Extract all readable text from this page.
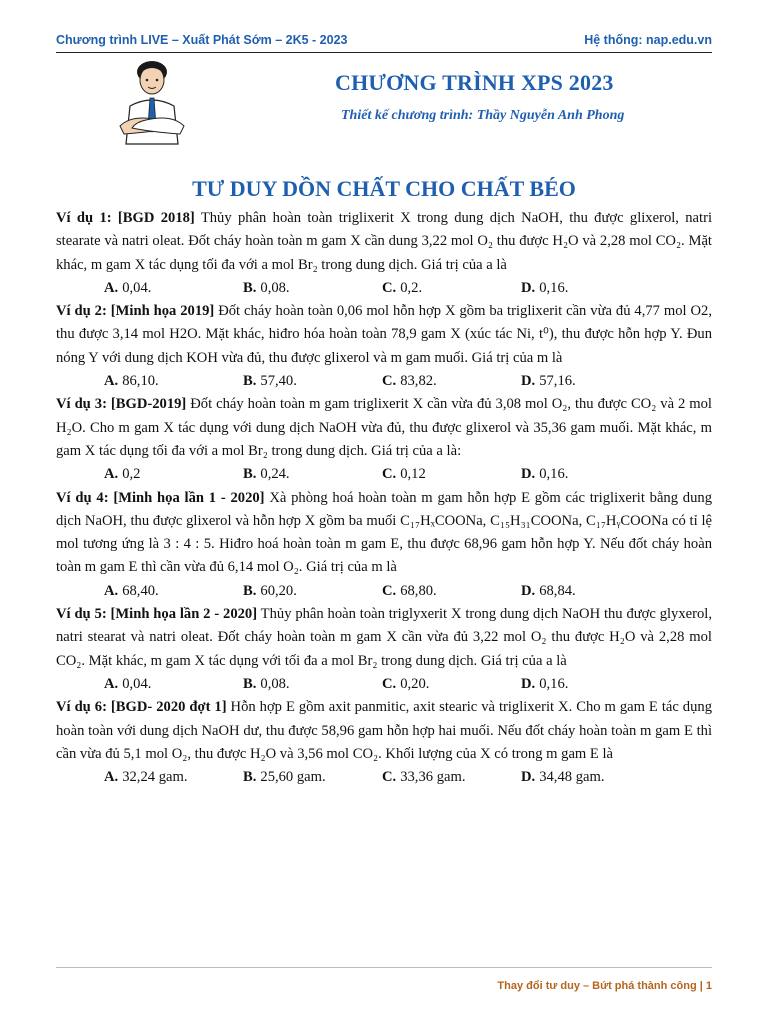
Chương trình LIVE – Xuất Phát Sớm – 2K5 - 2023	Hệ thống: nap.edu.vn
CHƯƠNG TRÌNH XPS 2023
Thiết kế chương trình: Thầy Nguyễn Anh Phong
TƯ DUY DỒN CHẤT CHO CHẤT BÉO

Ví dụ 1: [BGD 2018] Thủy phân hoàn toàn triglixerit X trong dung dịch NaOH, thu được glixerol, natri stearate và natri oleat. Đốt cháy hoàn toàn m gam X cần dung 3,22 mol O₂ thu được H₂O và 2,28 mol CO₂. Mặt khác, m gam X tác dụng tối đa với a mol Br₂ trong dung dịch. Giá trị của a là

A. 0,04.	B. 0,08.	C. 0,2.	D. 0,16.

Ví dụ 2: [Minh họa 2019] Đốt cháy hoàn toàn 0,06 mol hỗn hợp X gồm ba triglixerit cần vừa đủ 4,77 mol O2, thu được 3,14 mol H2O. Mặt khác, hiđro hóa hoàn toàn 78,9 gam X (xúc tác Ni, t⁰), thu được hỗn hợp Y. Đun nóng Y với dung dịch KOH vừa đủ, thu được glixerol và m gam muối. Giá trị của m là

A. 86,10.	B. 57,40.	C. 83,82.	D. 57,16.

Ví dụ 3: [BGD-2019] Đốt cháy hoàn toàn m gam triglixerit X cần vừa đủ 3,08 mol O₂, thu được CO₂ và 2 mol H₂O. Cho m gam X tác dụng với dung dịch NaOH vừa đủ, thu được glixerol và 35,36 gam muối. Mặt khác, m gam X tác dụng tối đa với a mol Br₂ trong dung dịch. Giá trị của a là:

A. 0,2	B. 0,24.	C. 0,12	D. 0,16.

Ví dụ 4: [Minh họa lần 1 - 2020] Xà phòng hoá hoàn toàn m gam hỗn hợp E gồm các triglixerit bằng dung dịch NaOH, thu được glixerol và hỗn hợp X gồm ba muối C₁₇HₓCOONa, C₁₅H₃₁COONa, C₁₇HᵧCOONa có tỉ lệ mol tương ứng là 3 : 4 : 5. Hiđro hoá hoàn toàn m gam E, thu được 68,96 gam hỗn hợp Y. Nếu đốt cháy hoàn toàn m gam E thì cần vừa đủ 6,14 mol O₂. Giá trị của m là

A. 68,40.	B. 60,20.	C. 68,80.	D. 68,84.

Ví dụ 5: [Minh họa lần 2 - 2020] Thủy phân hoàn toàn triglyxerit X trong dung dịch NaOH thu được glyxerol, natri stearat và natri oleat. Đốt cháy hoàn toàn m gam X cần vừa đủ 3,22 mol O₂ thu được H₂O và 2,28 mol CO₂. Mặt khác, m gam X tác dụng với tối đa a mol Br₂ trong dung dịch. Giá trị của a là

A. 0,04.	B. 0,08.	C. 0,20.	D. 0,16.

Ví dụ 6: [BGD- 2020 đợt 1] Hỗn hợp E gồm axit panmitic, axit stearic và triglixerit X. Cho m gam E tác dụng hoàn toàn với dung dịch NaOH dư, thu được 58,96 gam hỗn hợp hai muối. Nếu đốt cháy hoàn toàn m gam E thì cần vừa đủ 5,1 mol O₂, thu được H₂O và 3,56 mol CO₂. Khối lượng của X có trong m gam E là

A. 32,24 gam.	B. 25,60 gam.	C. 33,36 gam.	D. 34,48 gam.
Thay đổi tư duy – Bứt phá thành công | 1
